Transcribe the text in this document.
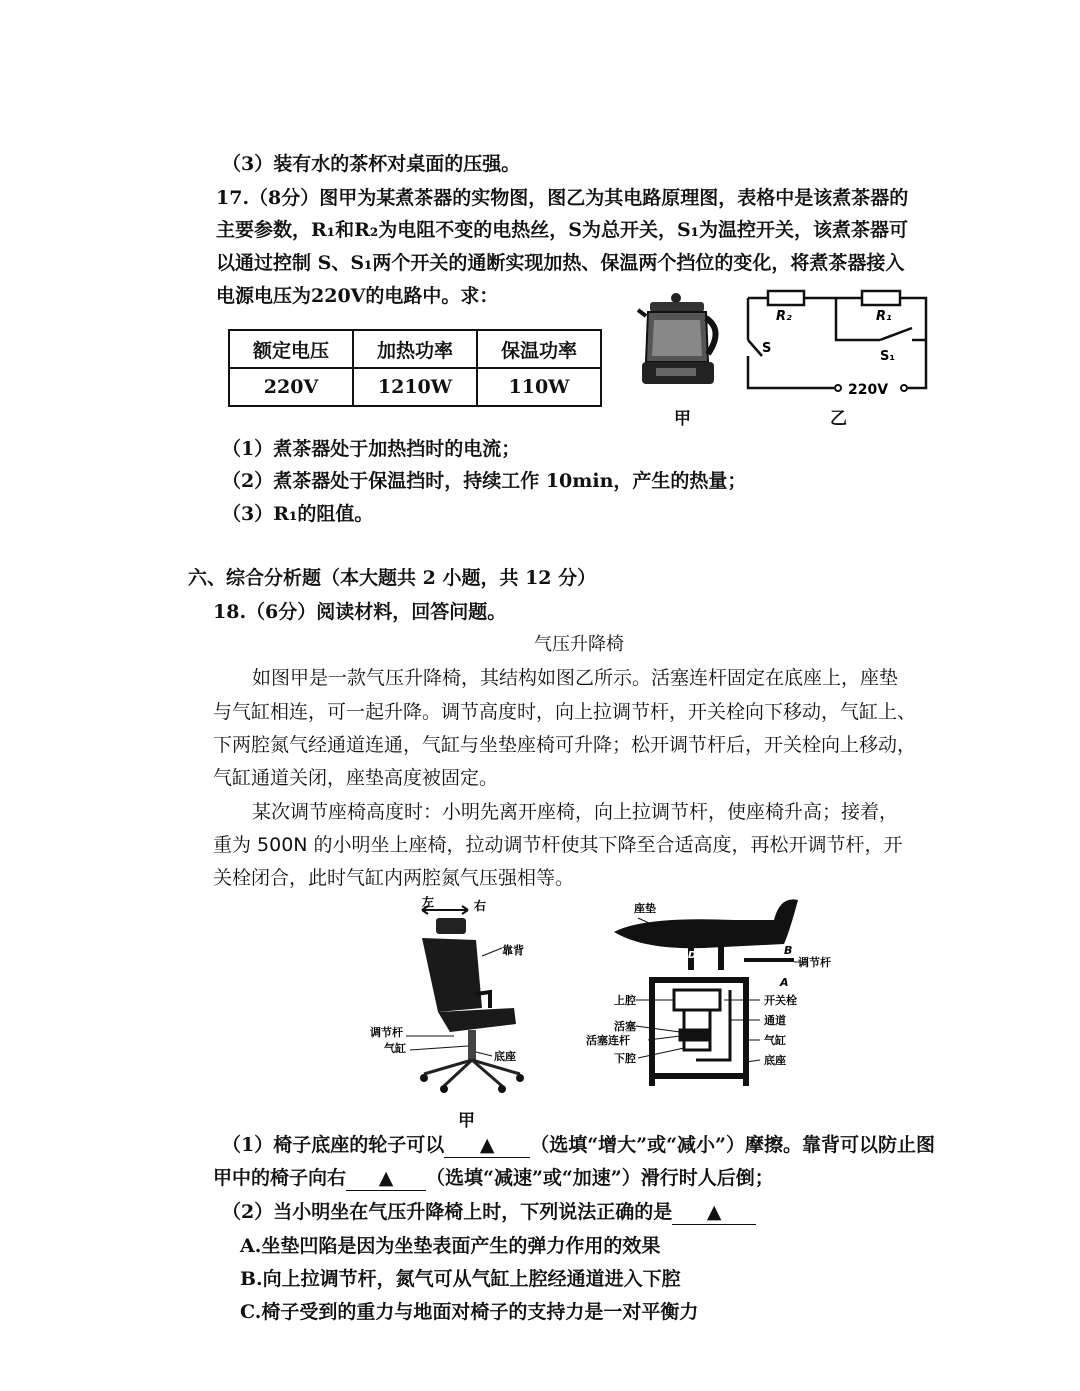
（3）装有水的茶杯对桌面的压强。
17.（8分）图甲为某煮茶器的实物图，图乙为其电路原理图，表格中是该煮茶器的
主要参数，R₁和R₂为电阻不变的电热丝，S为总开关，S₁为温控开关，该煮茶器可
以通过控制 S、S₁两个开关的通断实现加热、保温两个挡位的变化，将煮茶器接入
电源电压为220V的电路中。求：
额定电压	加热功率	保温功率
220V	1210W	110W
甲
R₂	R₁
S
S₁
220V
乙
（1）煮茶器处于加热挡时的电流；
（2）煮茶器处于保温挡时，持续工作 10min，产生的热量；
（3）R₁的阻值。
六、综合分析题（本大题共 2 小题，共 12 分）
18.（6分）阅读材料，回答问题。
气压升降椅
如图甲是一款气压升降椅，其结构如图乙所示。活塞连杆固定在底座上，座垫
与气缸相连，可一起升降。调节高度时，向上拉调节杆，开关栓向下移动，气缸上、
下两腔氮气经通道连通，气缸与坐垫座椅可升降；松开调节杆后，开关栓向上移动，
气缸通道关闭，座垫高度被固定。
某次调节座椅高度时：小明先离开座椅，向上拉调节杆，使座椅升高；接着，
重为 500N 的小明坐上座椅，拉动调节杆使其下降至合适高度，再松开调节杆，开
关栓闭合，此时气缸内两腔氮气压强相等。
左	右
靠背
调节杆
气缸
底座
甲
座垫
调节杆
B
A
D
上腔	开关栓
活塞	通道
活塞连杆	气缸
下腔	底座
（1）椅子底座的轮子可以 ▲ （选填“增大”或“减小”）摩擦。靠背可以防止图
甲中的椅子向右 ▲ （选填“减速”或“加速”）滑行时人后倒；
（2）当小明坐在气压升降椅上时，下列说法正确的是 ▲
A.坐垫凹陷是因为坐垫表面产生的弹力作用的效果
B.向上拉调节杆，氮气可从气缸上腔经通道进入下腔
C.椅子受到的重力与地面对椅子的支持力是一对平衡力
